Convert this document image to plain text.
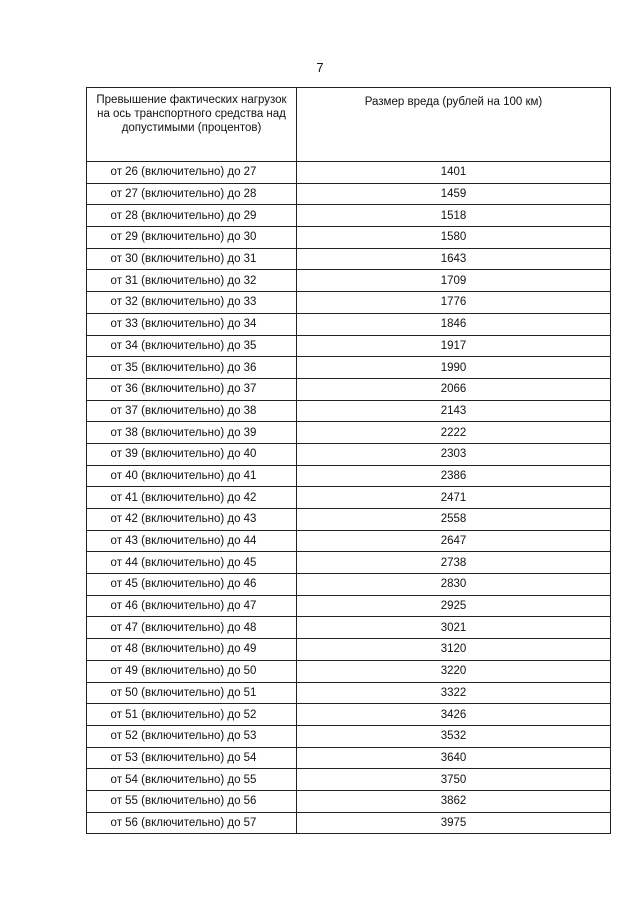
7
Превышение фактических нагрузок на ось транспортного средства над допустимыми (процентов)	Размер вреда (рублей на 100 км)
от 26 (включительно) до 27	1401
от 27 (включительно) до 28	1459
от 28 (включительно) до 29	1518
от 29 (включительно) до 30	1580
от 30 (включительно) до 31	1643
от 31 (включительно) до 32	1709
от 32 (включительно) до 33	1776
от 33 (включительно) до 34	1846
от 34 (включительно) до 35	1917
от 35 (включительно) до 36	1990
от 36 (включительно) до 37	2066
от 37 (включительно) до 38	2143
от 38 (включительно) до 39	2222
от 39 (включительно) до 40	2303
от 40 (включительно) до 41	2386
от 41 (включительно) до 42	2471
от 42 (включительно) до 43	2558
от 43 (включительно) до 44	2647
от 44 (включительно) до 45	2738
от 45 (включительно) до 46	2830
от 46 (включительно) до 47	2925
от 47 (включительно) до 48	3021
от 48 (включительно) до 49	3120
от 49 (включительно) до 50	3220
от 50 (включительно) до 51	3322
от 51 (включительно) до 52	3426
от 52 (включительно) до 53	3532
от 53 (включительно) до 54	3640
от 54 (включительно) до 55	3750
от 55 (включительно) до 56	3862
от 56 (включительно) до 57	3975
